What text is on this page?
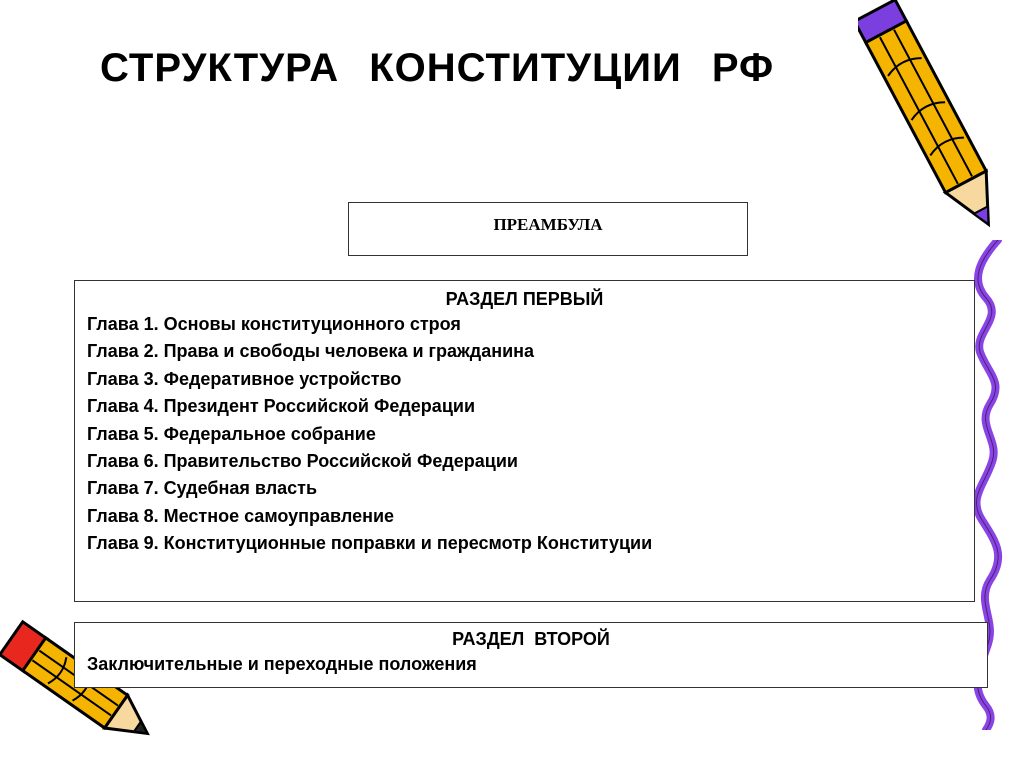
СТРУКТУРА КОНСТИТУЦИИ РФ
ПРЕАМБУЛА
РАЗДЕЛ ПЕРВЫЙ
Глава 1. Основы конституционного строя
Глава 2. Права и свободы человека и гражданина
Глава 3. Федеративное устройство
Глава 4. Президент Российской Федерации
Глава 5. Федеральное собрание
Глава 6. Правительство Российской Федерации
Глава 7. Судебная власть
Глава 8. Местное самоуправление
Глава 9. Конституционные поправки и пересмотр Конституции
РАЗДЕЛ  ВТОРОЙ
Заключительные и переходные положения
